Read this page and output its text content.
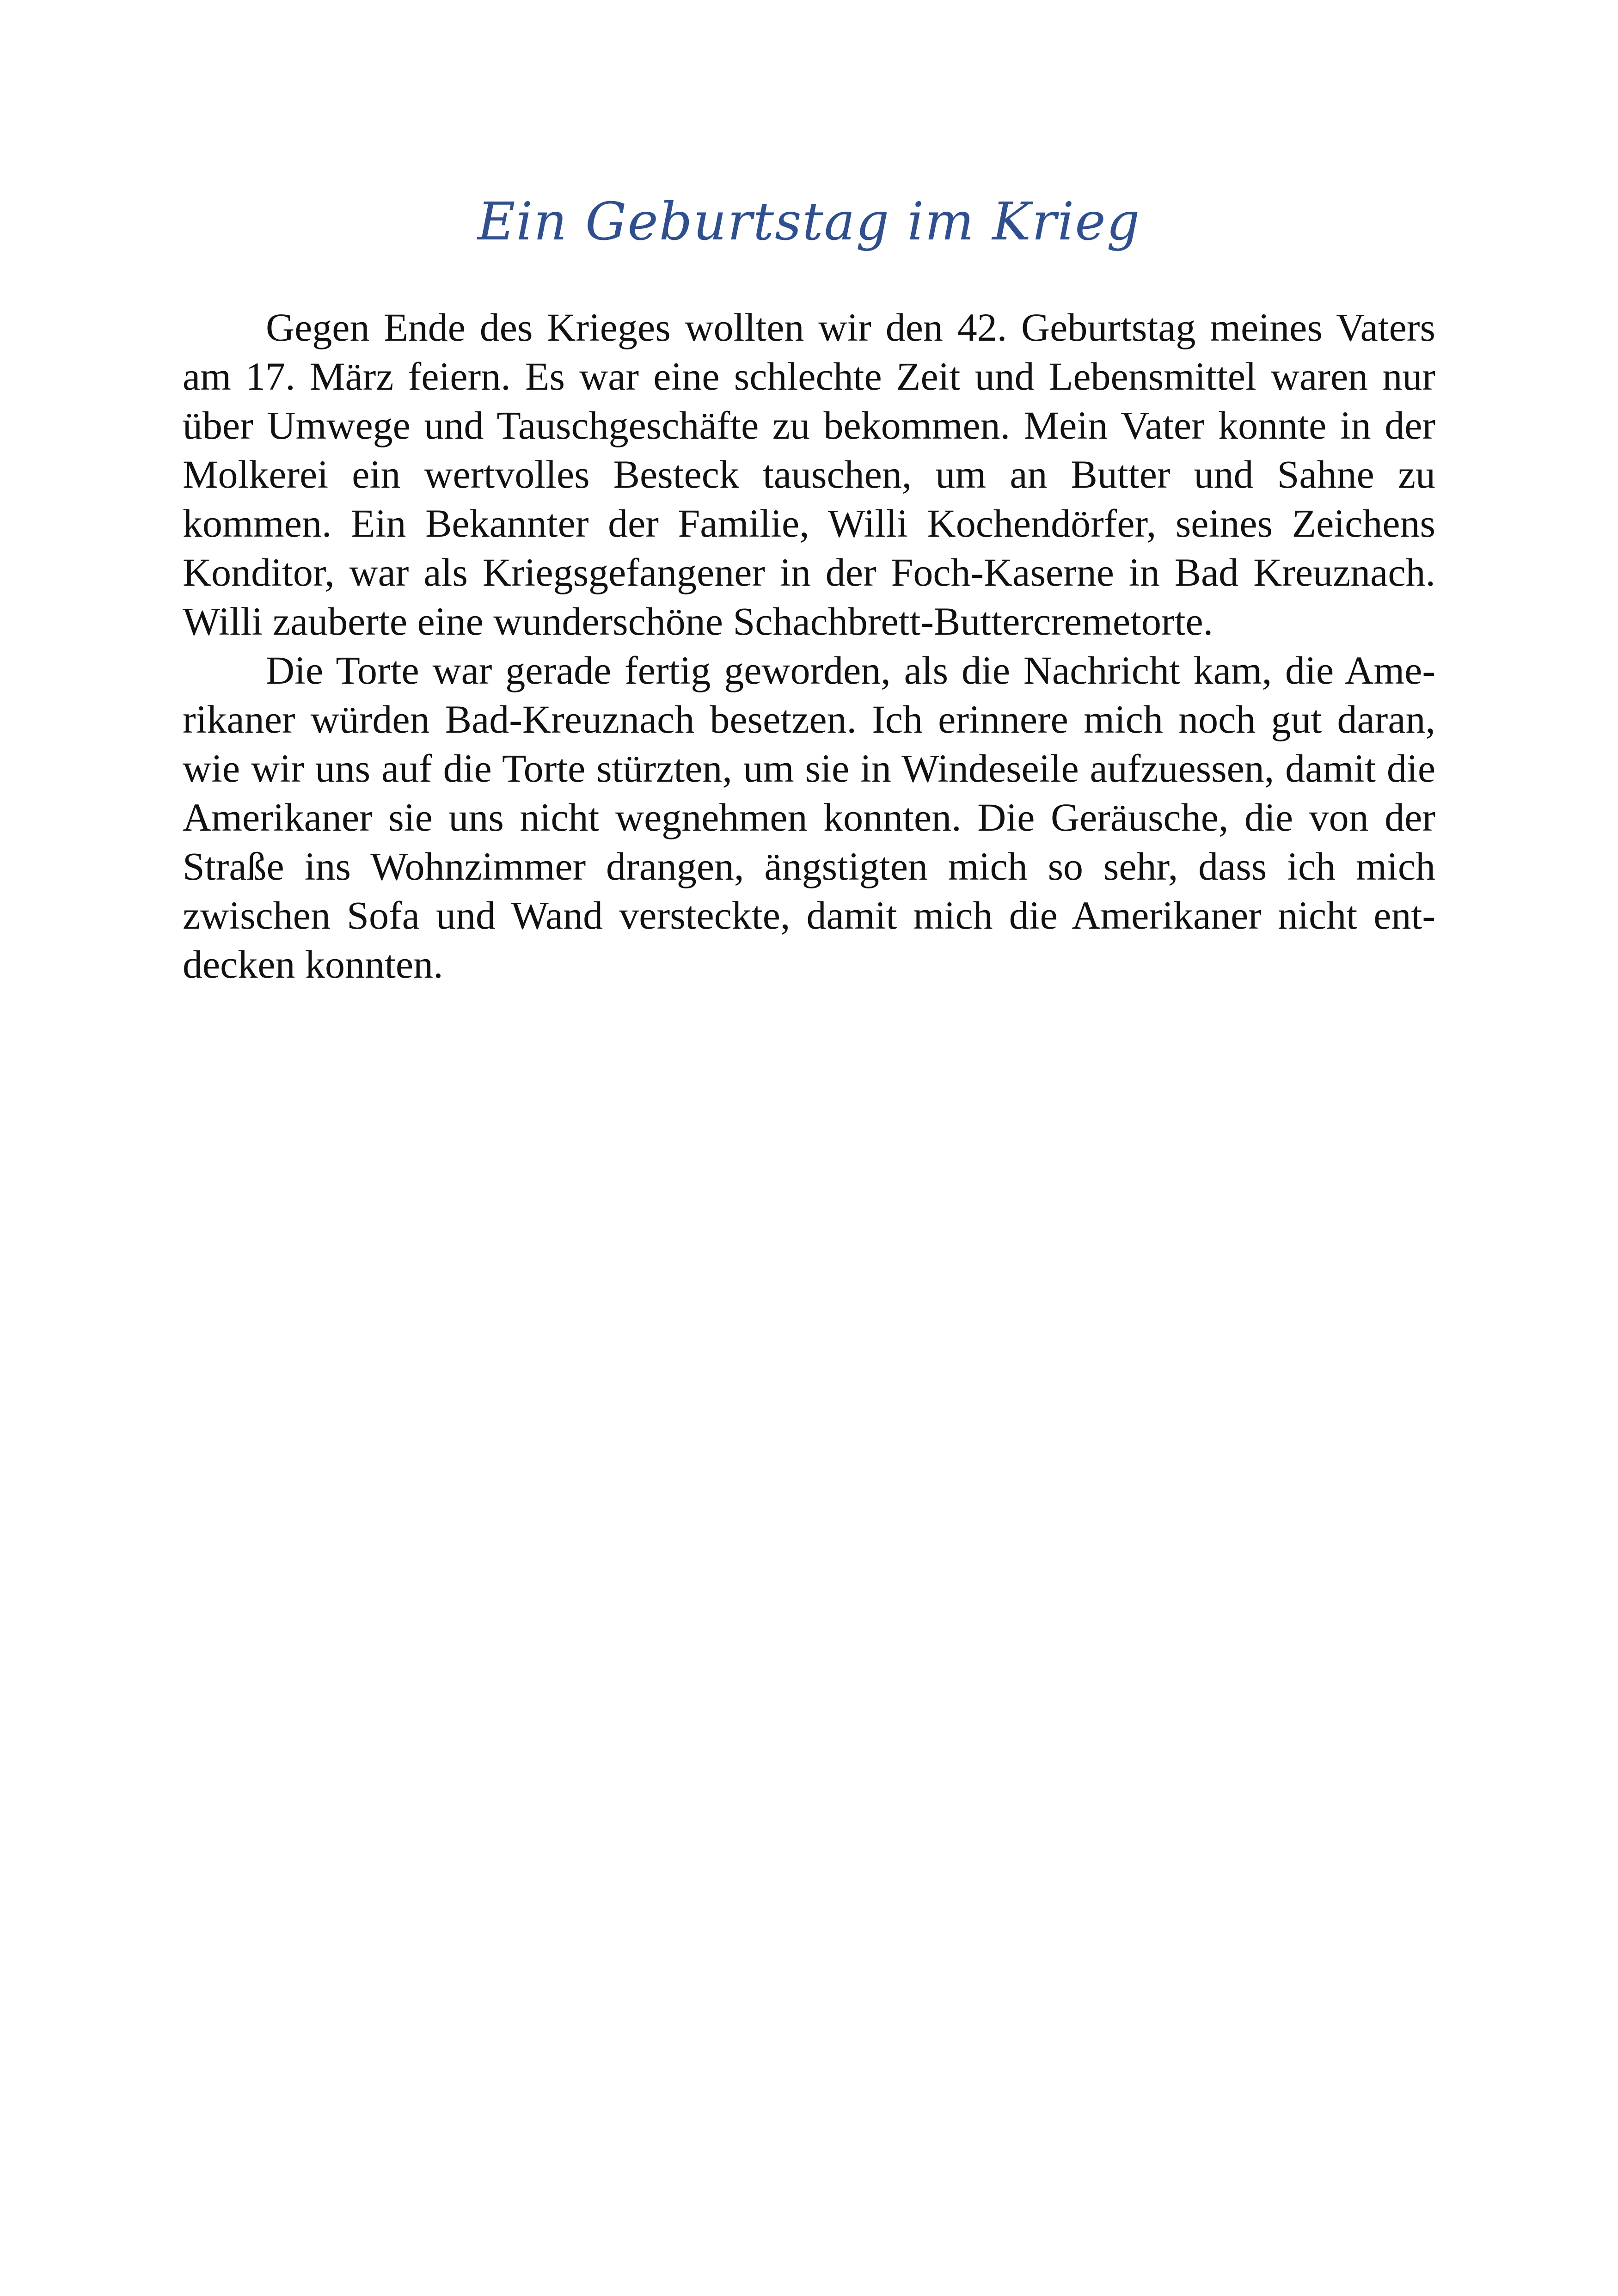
Ein Geburtstag im Krieg

Gegen Ende des Krieges wollten wir den 42. Geburtstag meines Vaters am 17. März feiern. Es war eine schlechte Zeit und Lebensmittel waren nur über Umwege und Tauschgeschäfte zu bekommen. Mein Vater konnte in der Molkerei ein wertvolles Besteck tauschen, um an Butter und Sahne zu kommen. Ein Bekannter der Familie, Willi Kochendörfer, seines Zeichens Konditor, war als Kriegsgefangener in der Foch-Kaserne in Bad Kreuznach. Willi zauberte eine wunderschöne Schachbrett-Buttercremetorte.

Die Torte war gerade fertig geworden, als die Nachricht kam, die Amerikaner würden Bad-Kreuznach besetzen. Ich erinnere mich noch gut daran, wie wir uns auf die Torte stürzten, um sie in Windeseile aufzuessen, damit die Amerikaner sie uns nicht wegnehmen konnten. Die Geräusche, die von der Straße ins Wohnzimmer drangen, ängstigten mich so sehr, dass ich mich zwischen Sofa und Wand versteckte, damit mich die Amerikaner nicht entdecken konnten.
